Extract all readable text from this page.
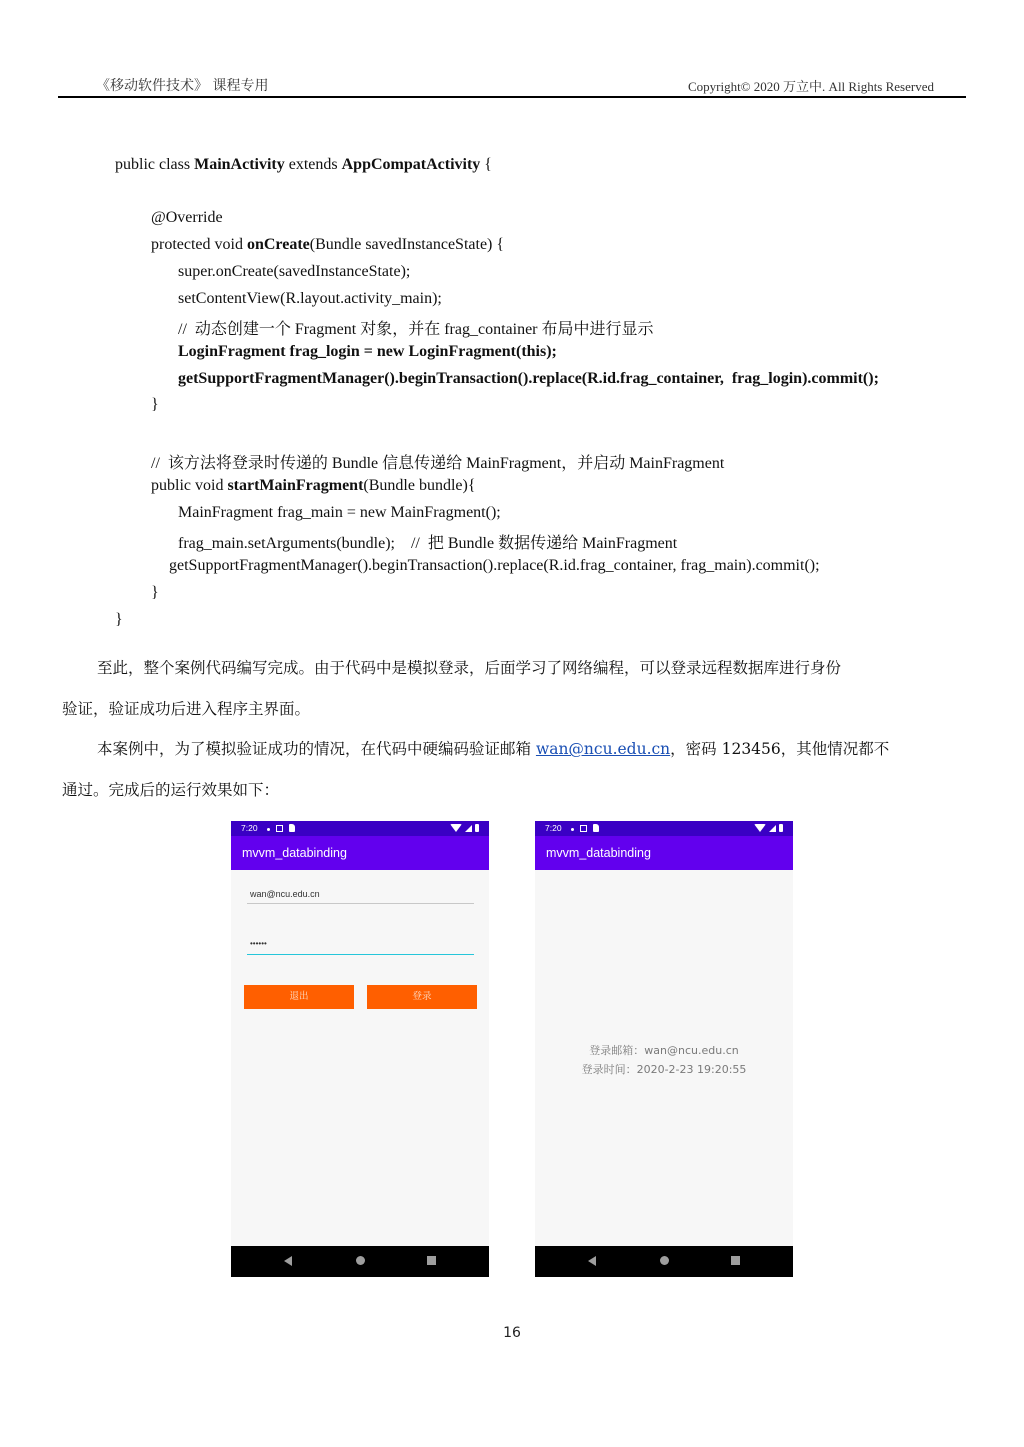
《移动软件技术》 课程专用	Copyright© 2020 万立中. All Rights Reserved
public class MainActivity extends AppCompatActivity {
@Override
protected void onCreate(Bundle savedInstanceState) {
super.onCreate(savedInstanceState);
setContentView(R.layout.activity_main);
//  动态创建一个 Fragment 对象，并在 frag_container 布局中进行显示
LoginFragment frag_login = new LoginFragment(this);
getSupportFragmentManager().beginTransaction().replace(R.id.frag_container,  frag_login).commit();
}
//  该方法将登录时传递的 Bundle 信息传递给 MainFragment，并启动 MainFragment
public void startMainFragment(Bundle bundle){
MainFragment frag_main = new MainFragment();
frag_main.setArguments(bundle);    //  把 Bundle 数据传递给 MainFragment
getSupportFragmentManager().beginTransaction().replace(R.id.frag_container, frag_main).commit();
}
}
至此，整个案例代码编写完成。由于代码中是模拟登录，后面学习了网络编程，可以登录远程数据库进行身份
验证，验证成功后进入程序主界面。
本案例中，为了模拟验证成功的情况，在代码中硬编码验证邮箱 wan@ncu.edu.cn，密码 123456，其他情况都不
通过。完成后的运行效果如下：
7:20
mvvm_databinding
wan@ncu.edu.cn
••••••
退出	登录
7:20
mvvm_databinding
登录邮箱：wan@ncu.edu.cn
登录时间：2020-2-23 19:20:55
16
